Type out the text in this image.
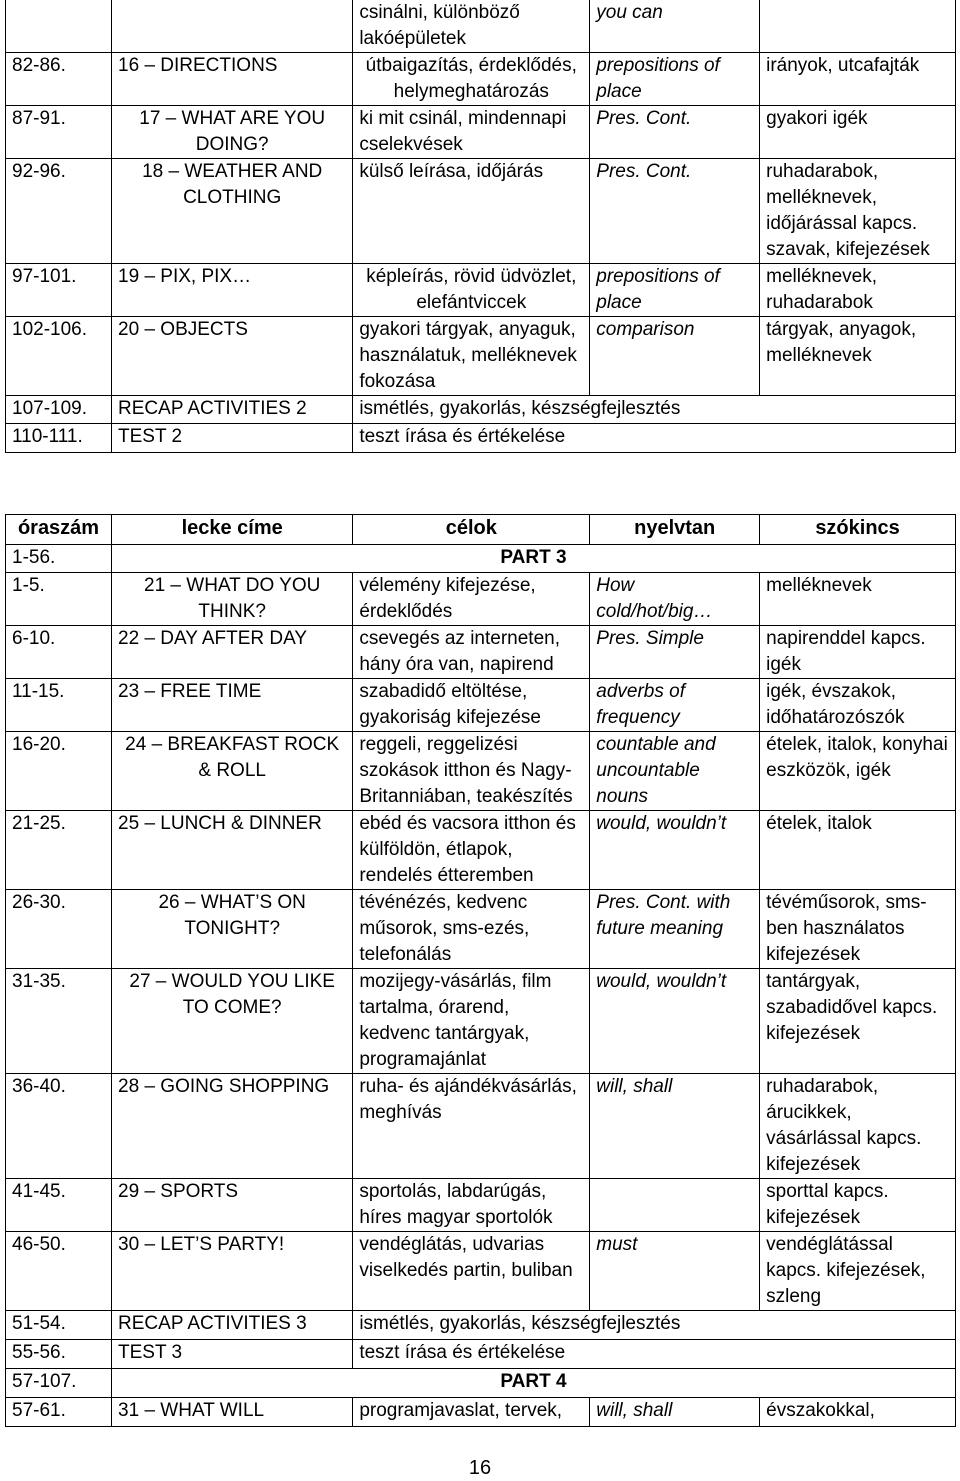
		csinálni, különböző lakóépületek	you can	
82-86.	16 – DIRECTIONS	útbaigazítás, érdeklődés, helymeghatározás	prepositions of place	irányok, utcafajták
87-91.	17 – WHAT ARE YOU DOING?	ki mit csinál, mindennapi cselekvések	Pres. Cont.	gyakori igék
92-96.	18 – WEATHER AND CLOTHING	külső leírása, időjárás	Pres. Cont.	ruhadarabok, melléknevek, időjárással kapcs. szavak, kifejezések
97-101.	19 – PIX, PIX…	képleírás, rövid üdvözlet, elefántviccek	prepositions of place	melléknevek, ruhadarabok
102-106.	20 – OBJECTS	gyakori tárgyak, anyaguk, használatuk, melléknevek fokozása	comparison	tárgyak, anyagok, melléknevek
107-109.	RECAP ACTIVITIES 2	ismétlés, gyakorlás, készségfejlesztés		
110-111.	TEST 2	teszt írása és értékelése		
óraszám	lecke címe	célok	nyelvtan	szókincs
1-56.	PART 3			
1-5.	21 – WHAT DO YOU THINK?	vélemény kifejezése, érdeklődés	How cold/hot/big…	melléknevek
6-10.	22 – DAY AFTER DAY	csevegés az interneten, hány óra van, napirend	Pres. Simple	napirenddel kapcs. igék
11-15.	23 – FREE TIME	szabadidő eltöltése, gyakoriság kifejezése	adverbs of frequency	igék, évszakok, időhatározószók
16-20.	24 – BREAKFAST ROCK & ROLL	reggeli, reggelizési szokások itthon és Nagy-Britanniában, teakészítés	countable and uncountable nouns	ételek, italok, konyhai eszközök, igék
21-25.	25 – LUNCH & DINNER	ebéd és vacsora itthon és külföldön, étlapok, rendelés étteremben	would, wouldn’t	ételek, italok
26-30.	26 – WHAT’S ON TONIGHT?	tévénézés, kedvenc műsorok, sms-ezés, telefonálás	Pres. Cont. with future meaning	tévéműsorok, sms-ben használatos kifejezések
31-35.	27 – WOULD YOU LIKE TO COME?	mozijegy-vásárlás, film tartalma, órarend, kedvenc tantárgyak, programajánlat	would, wouldn’t	tantárgyak, szabadidővel kapcs. kifejezések
36-40.	28 – GOING SHOPPING	ruha- és ajándékvásárlás, meghívás	will, shall	ruhadarabok, árucikkek, vásárlással kapcs. kifejezések
41-45.	29 – SPORTS	sportolás, labdarúgás, híres magyar sportolók		sporttal kapcs. kifejezések
46-50.	30 – LET’S PARTY!	vendéglátás, udvarias viselkedés partin, buliban	must	vendéglátással kapcs. kifejezések, szleng
51-54.	RECAP ACTIVITIES 3	ismétlés, gyakorlás, készségfejlesztés		
55-56.	TEST 3	teszt írása és értékelése		
57-107.	PART 4			
57-61.	31 – WHAT WILL	programjavaslat, tervek,	will, shall	évszakokkal,
16
